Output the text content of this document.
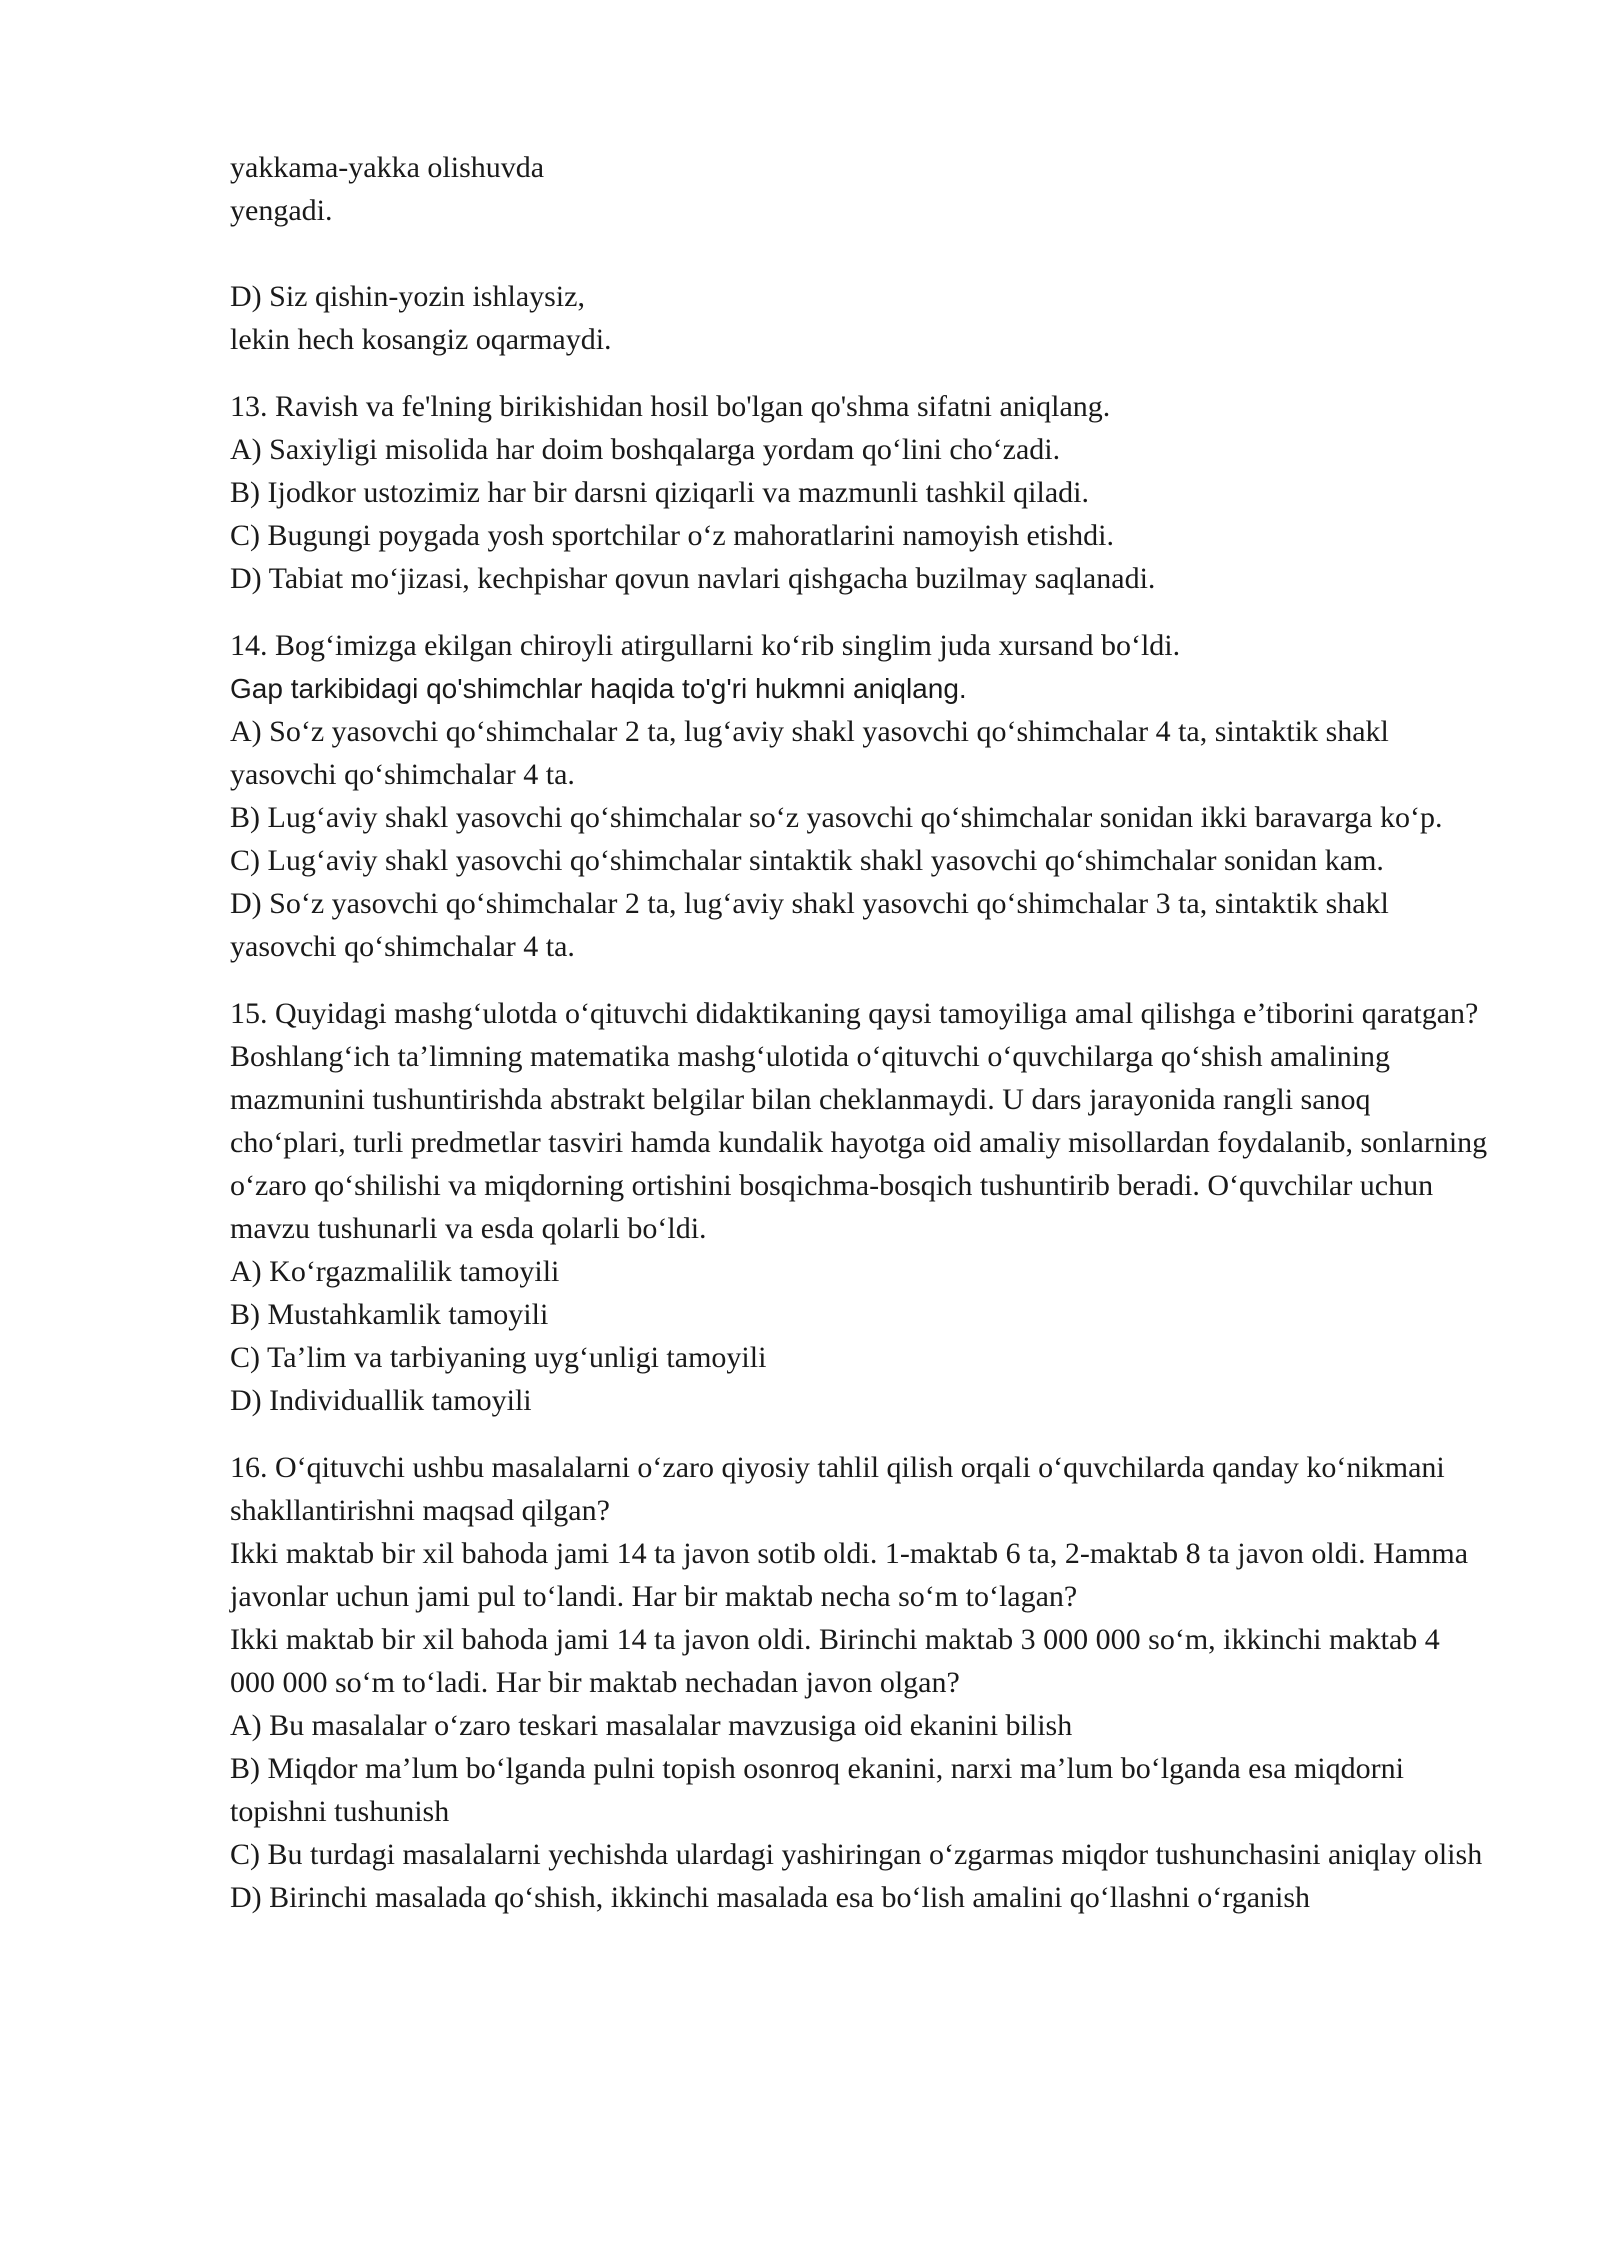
yakkama-yakka olishuvda
yengadi.
D) Siz qishin-yozin ishlaysiz,
lekin hech kosangiz oqarmaydi.
13. Ravish va fe'lning birikishidan hosil bo'lgan qo'shma sifatni aniqlang.
A) Saxiyligi misolida har doim boshqalarga yordam qo‘lini cho‘zadi.
B) Ijodkor ustozimiz har bir darsni qiziqarli va mazmunli tashkil qiladi.
C) Bugungi poygada yosh sportchilar o‘z mahoratlarini namoyish etishdi.
D) Tabiat mo‘jizasi, kechpishar qovun navlari qishgacha buzilmay saqlanadi.
14. Bog‘imizga ekilgan chiroyli atirgullarni ko‘rib singlim juda xursand bo‘ldi.
Gap tarkibidagi qo'shimchlar haqida to'g'ri hukmni aniqlang.
A) So‘z yasovchi qo‘shimchalar 2 ta, lug‘aviy shakl yasovchi qo‘shimchalar 4 ta, sintaktik shakl yasovchi qo‘shimchalar 4 ta.
B) Lug‘aviy shakl yasovchi qo‘shimchalar so‘z yasovchi qo‘shimchalar sonidan ikki baravarga ko‘p.
C) Lug‘aviy shakl yasovchi qo‘shimchalar sintaktik shakl yasovchi qo‘shimchalar sonidan kam.
D) So‘z yasovchi qo‘shimchalar 2 ta, lug‘aviy shakl yasovchi qo‘shimchalar 3 ta, sintaktik shakl yasovchi qo‘shimchalar 4 ta.
15. Quyidagi mashg‘ulotda o‘qituvchi didaktikaning qaysi tamoyiliga amal qilishga e’tiborini qaratgan?
Boshlang‘ich ta’limning matematika mashg‘ulotida o‘qituvchi o‘quvchilarga qo‘shish amalining mazmunini tushuntirishda abstrakt belgilar bilan cheklanmaydi. U dars jarayonida rangli sanoq cho‘plari, turli predmetlar tasviri hamda kundalik hayotga oid amaliy misollardan foydalanib, sonlarning o‘zaro qo‘shilishi va miqdorning ortishini bosqichma-bosqich tushuntirib beradi. O‘quvchilar uchun mavzu tushunarli va esda qolarli bo‘ldi.
A) Ko‘rgazmalilik tamoyili
B) Mustahkamlik tamoyili
C) Ta’lim va tarbiyaning uyg‘unligi tamoyili
D) Individuallik tamoyili
16. O‘qituvchi ushbu masalalarni o‘zaro qiyosiy tahlil qilish orqali o‘quvchilarda qanday ko‘nikmani shakllantirishni maqsad qilgan?
Ikki maktab bir xil bahoda jami 14 ta javon sotib oldi. 1-maktab 6 ta, 2-maktab 8 ta javon oldi. Hamma javonlar uchun jami pul to‘landi. Har bir maktab necha so‘m to‘lagan?
Ikki maktab bir xil bahoda jami 14 ta javon oldi. Birinchi maktab 3 000 000 so‘m, ikkinchi maktab 4 000 000 so‘m to‘ladi. Har bir maktab nechadan javon olgan?
A) Bu masalalar o‘zaro teskari masalalar mavzusiga oid ekanini bilish
B) Miqdor ma’lum bo‘lganda pulni topish osonroq ekanini, narxi ma’lum bo‘lganda esa miqdorni topishni tushunish
C) Bu turdagi masalalarni yechishda ulardagi yashiringan o‘zgarmas miqdor tushunchasini aniqlay olish
D) Birinchi masalada qo‘shish, ikkinchi masalada esa bo‘lish amalini qo‘llashni o‘rganish
